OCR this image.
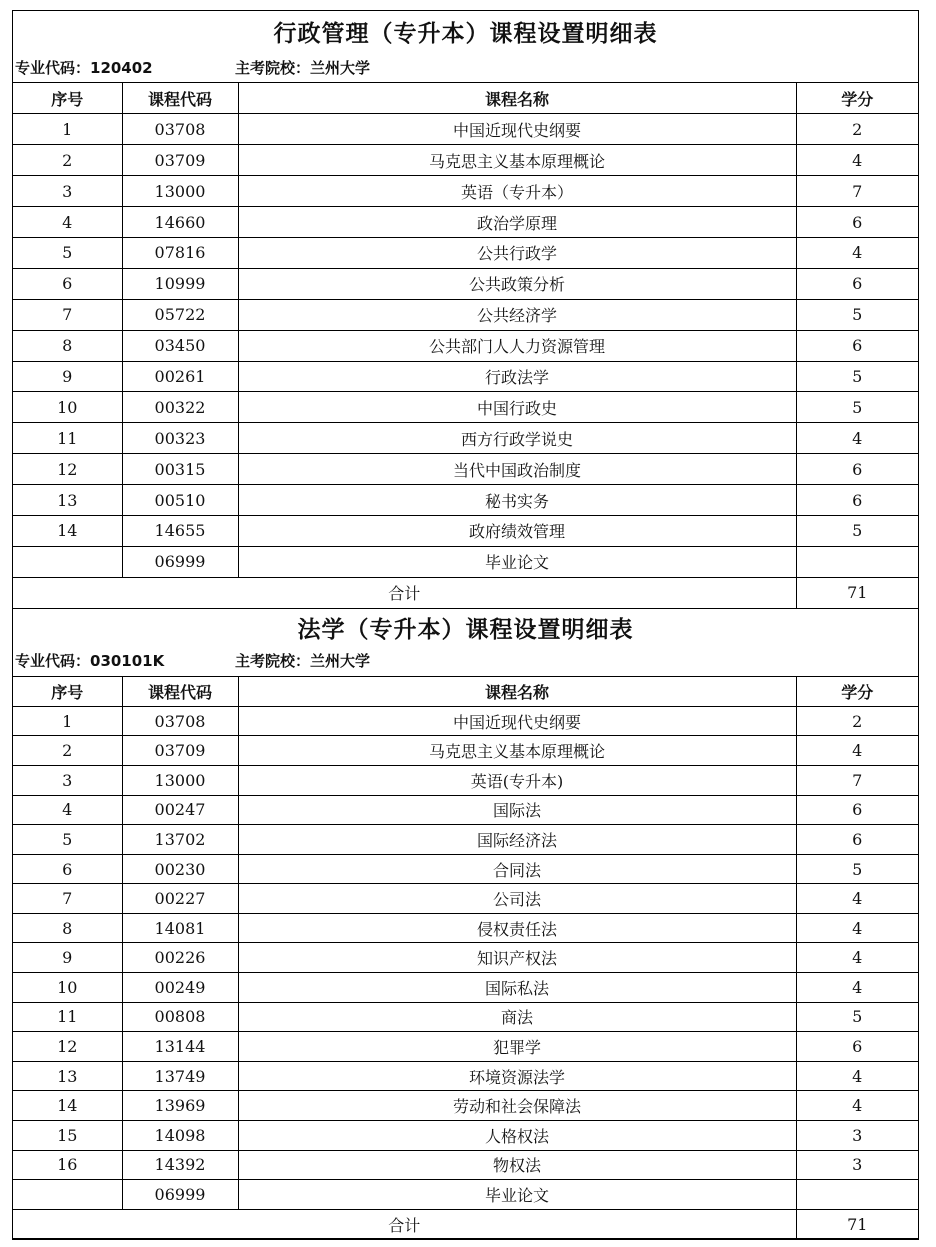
行政管理（专升本）课程设置明细表
专业代码：120402	主考院校：兰州大学
序号	课程代码	课程名称	学分
1	03708	中国近现代史纲要	2
2	03709	马克思主义基本原理概论	4
3	13000	英语（专升本）	7
4	14660	政治学原理	6
5	07816	公共行政学	4
6	10999	公共政策分析	6
7	05722	公共经济学	5
8	03450	公共部门人人力资源管理	6
9	00261	行政法学	5
10	00322	中国行政史	5
11	00323	西方行政学说史	4
12	00315	当代中国政治制度	6
13	00510	秘书实务	6
14	14655	政府绩效管理	5
	06999	毕业论文	
合计			71
法学（专升本）课程设置明细表
专业代码：030101K	主考院校：兰州大学
序号	课程代码	课程名称	学分
1	03708	中国近现代史纲要	2
2	03709	马克思主义基本原理概论	4
3	13000	英语(专升本)	7
4	00247	国际法	6
5	13702	国际经济法	6
6	00230	合同法	5
7	00227	公司法	4
8	14081	侵权责任法	4
9	00226	知识产权法	4
10	00249	国际私法	4
11	00808	商法	5
12	13144	犯罪学	6
13	13749	环境资源法学	4
14	13969	劳动和社会保障法	4
15	14098	人格权法	3
16	14392	物权法	3
	06999	毕业论文	
合计			71
